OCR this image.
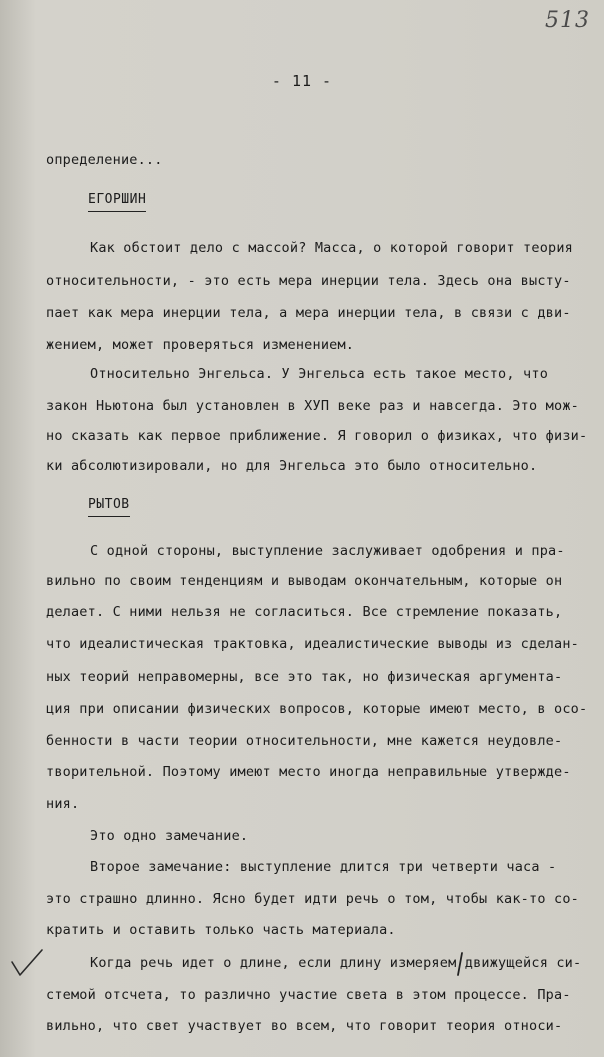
513
- 11 -

определение...

ЕГОРШИН

Как обстоит дело с массой? Масса, о которой говорит теория

относительности, - это есть мера инерции тела. Здесь она высту-

пает как мера инерции тела, а мера инерции тела, в связи с дви-

жением, может проверяться изменением.

Относительно Энгельса. У Энгельса есть такое место, что

закон Ньютона был установлен в ХУП веке раз и навсегда. Это мож-

но сказать как первое приближение. Я говорил о физиках, что физи-

ки абсолютизировали, но для Энгельса это было относительно.

РЫТОВ

С одной стороны, выступление заслуживает одобрения и пра-

вильно по своим тенденциям и выводам окончательным, которые он

делает. С ними нельзя не согласиться. Все стремление показать,

что идеалистическая трактовка, идеалистические выводы из сделан-

ных теорий неправомерны, все это так, но физическая аргумента-

ция при описании физических вопросов, которые имеют место, в осо-

бенности в части теории относительности, мне кажется неудовле-

творительной. Поэтому имеют место иногда неправильные утвержде-

ния.

Это одно замечание.

Второе замечание: выступление длится три четверти часа -

это страшно длинно. Ясно будет идти речь о том, чтобы как-то со-

кратить и оставить только часть материала.

Когда речь идет о длине, если длину измеряем движущейся си-

стемой отсчета, то различно участие света в этом процессе. Пра-

вильно, что свет участвует во всем, что говорит теория относи-
